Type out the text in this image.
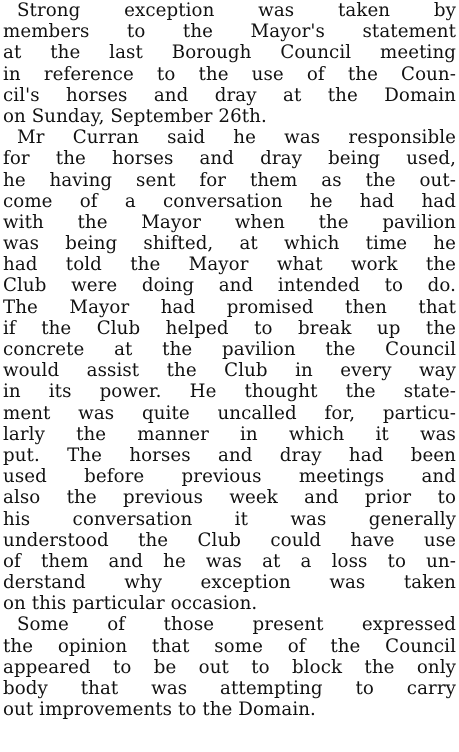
Strong exception was taken by
members to the Mayor's statement
at the last Borough Council meeting
in reference to the use of the Coun-
cil's horses and dray at the Domain
on Sunday, September 26th.
Mr Curran said he was responsible
for the horses and dray being used,
he having sent for them as the out-
come of a conversation he had had
with the Mayor when the pavilion
was being shifted, at which time he
had told the Mayor what work the
Club were doing and intended to do.
The Mayor had promised then that
if the Club helped to break up the
concrete at the pavilion the Council
would assist the Club in every way
in its power. He thought the state-
ment was quite uncalled for, particu-
larly the manner in which it was
put. The horses and dray had been
used before previous meetings and
also the previous week and prior to
his conversation it was generally
understood the Club could have use
of them and he was at a loss to un-
derstand why exception was taken
on this particular occasion.
Some of those present expressed
the opinion that some of the Council
appeared to be out to block the only
body that was attempting to carry
out improvements to the Domain.
